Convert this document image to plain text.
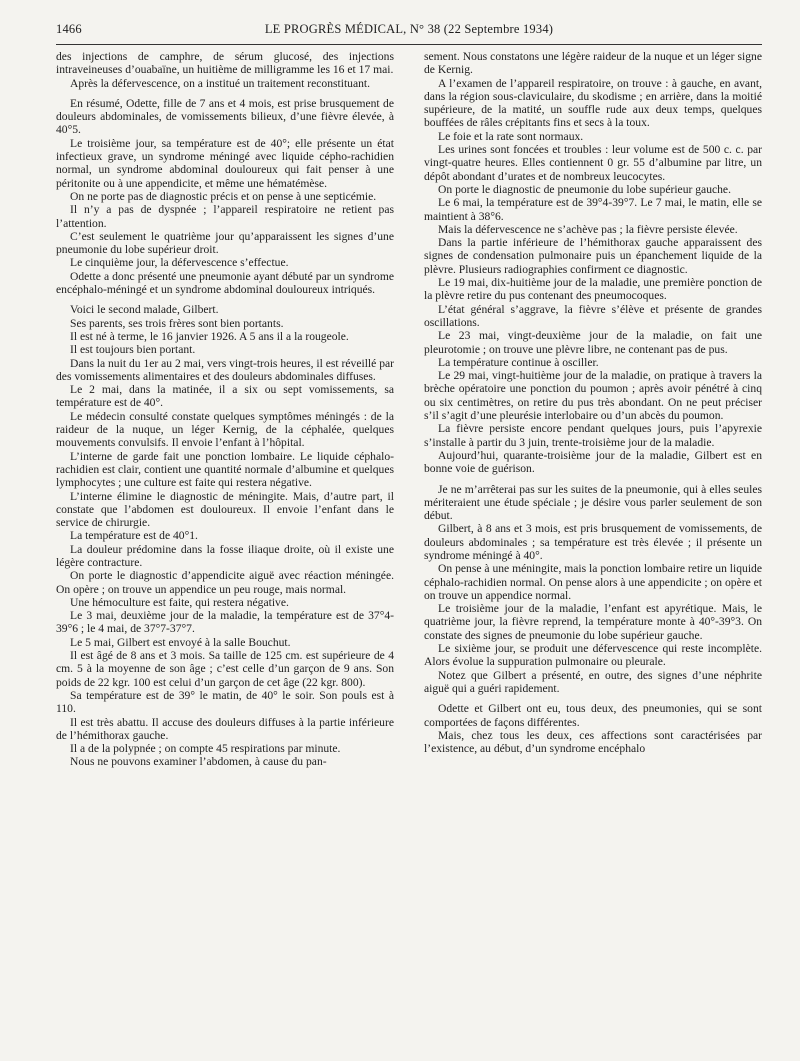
1466	LE PROGRÈS MÉDICAL, N° 38 (22 Septembre 1934)

des injections de camphre, de sérum glucosé, des injections intraveineuses d’ouabaïne, un huitième de milligramme les 16 et 17 mai.

Après la défervescence, on a institué un traitement reconstituant.

En résumé, Odette, fille de 7 ans et 4 mois, est prise brusquement de douleurs abdominales, de vomissements bilieux, d’une fièvre élevée, à 40°5.

Le troisième jour, sa température est de 40°; elle présente un état infectieux grave, un syndrome méningé avec liquide cépho-rachidien normal, un syndrome abdominal douloureux qui fait penser à une péritonite ou à une appendicite, et même une hématémèse.

On ne porte pas de diagnostic précis et on pense à une septicémie.

Il n’y a pas de dyspnée ; l’appareil respiratoire ne retient pas l’attention.

C’est seulement le quatrième jour qu’apparaissent les signes d’une pneumonie du lobe supérieur droit.

Le cinquième jour, la défervescence s’effectue.

Odette a donc présenté une pneumonie ayant débuté par un syndrome encéphalo-méningé et un syndrome abdominal douloureux intriqués.

Voici le second malade, Gilbert.

Ses parents, ses trois frères sont bien portants.

Il est né à terme, le 16 janvier 1926. A 5 ans il a la rougeole.

Il est toujours bien portant.

Dans la nuit du 1er au 2 mai, vers vingt-trois heures, il est réveillé par des vomissements alimentaires et des douleurs abdominales diffuses.

Le 2 mai, dans la matinée, il a six ou sept vomissements, sa température est de 40°.

Le médecin consulté constate quelques symptômes méningés : de la raideur de la nuque, un léger Kernig, de la céphalée, quelques mouvements convulsifs. Il envoie l’enfant à l’hôpital.

L’interne de garde fait une ponction lombaire. Le liquide céphalo-rachidien est clair, contient une quantité normale d’albumine et quelques lymphocytes ; une culture est faite qui restera négative.

L’interne élimine le diagnostic de méningite. Mais, d’autre part, il constate que l’abdomen est douloureux. Il envoie l’enfant dans le service de chirurgie.

La température est de 40°1.

La douleur prédomine dans la fosse iliaque droite, où il existe une légère contracture.

On porte le diagnostic d’appendicite aiguë avec réaction méningée. On opère ; on trouve un appendice un peu rouge, mais normal.

Une hémoculture est faite, qui restera négative.

Le 3 mai, deuxième jour de la maladie, la température est de 37°4-39°6 ; le 4 mai, de 37°7-37°7.

Le 5 mai, Gilbert est envoyé à la salle Bouchut.

Il est âgé de 8 ans et 3 mois. Sa taille de 125 cm. est supérieure de 4 cm. 5 à la moyenne de son âge ; c’est celle d’un garçon de 9 ans. Son poids de 22 kgr. 100 est celui d’un garçon de cet âge (22 kgr. 800).

Sa température est de 39° le matin, de 40° le soir. Son pouls est à 110.

Il est très abattu. Il accuse des douleurs diffuses à la partie inférieure de l’hémithorax gauche.

Il a de la polypnée ; on compte 45 respirations par minute.

Nous ne pouvons examiner l’abdomen, à cause du pan-

sement. Nous constatons une légère raideur de la nuque et un léger signe de Kernig.

A l’examen de l’appareil respiratoire, on trouve : à gauche, en avant, dans la région sous-claviculaire, du skodisme ; en arrière, dans la moitié supérieure, de la matité, un souffle rude aux deux temps, quelques bouffées de râles crépitants fins et secs à la toux.

Le foie et la rate sont normaux.

Les urines sont foncées et troubles : leur volume est de 500 c. c. par vingt-quatre heures. Elles contiennent 0 gr. 55 d’albumine par litre, un dépôt abondant d’urates et de nombreux leucocytes.

On porte le diagnostic de pneumonie du lobe supérieur gauche.

Le 6 mai, la température est de 39°4-39°7. Le 7 mai, le matin, elle se maintient à 38°6.

Mais la défervescence ne s’achève pas ; la fièvre persiste élevée.

Dans la partie inférieure de l’hémithorax gauche apparaissent des signes de condensation pulmonaire puis un épanchement liquide de la plèvre. Plusieurs radiographies confirment ce diagnostic.

Le 19 mai, dix-huitième jour de la maladie, une première ponction de la plèvre retire du pus contenant des pneumocoques.

L’état général s’aggrave, la fièvre s’élève et présente de grandes oscillations.

Le 23 mai, vingt-deuxième jour de la maladie, on fait une pleurotomie ; on trouve une plèvre libre, ne contenant pas de pus.

La température continue à osciller.

Le 29 mai, vingt-huitième jour de la maladie, on pratique à travers la brèche opératoire une ponction du poumon ; après avoir pénétré à cinq ou six centimètres, on retire du pus très abondant. On ne peut préciser s’il s’agit d’une pleurésie interlobaire ou d’un abcès du poumon.

La fièvre persiste encore pendant quelques jours, puis l’apyrexie s’installe à partir du 3 juin, trente-troisième jour de la maladie.

Aujourd’hui, quarante-troisième jour de la maladie, Gilbert est en bonne voie de guérison.

Je ne m’arrêterai pas sur les suites de la pneumonie, qui à elles seules mériteraient une étude spéciale ; je désire vous parler seulement de son début.

Gilbert, à 8 ans et 3 mois, est pris brusquement de vomissements, de douleurs abdominales ; sa température est très élevée ; il présente un syndrome méningé à 40°.

On pense à une méningite, mais la ponction lombaire retire un liquide céphalo-rachidien normal. On pense alors à une appendicite ; on opère et on trouve un appendice normal.

Le troisième jour de la maladie, l’enfant est apyrétique. Mais, le quatrième jour, la fièvre reprend, la température monte à 40°-39°3. On constate des signes de pneumonie du lobe supérieur gauche.

Le sixième jour, se produit une défervescence qui reste incomplète. Alors évolue la suppuration pulmonaire ou pleurale.

Notez que Gilbert a présenté, en outre, des signes d’une néphrite aiguë qui a guéri rapidement.

Odette et Gilbert ont eu, tous deux, des pneumonies, qui se sont comportées de façons différentes.

Mais, chez tous les deux, ces affections sont caractérisées par l’existence, au début, d’un syndrome encéphalo
